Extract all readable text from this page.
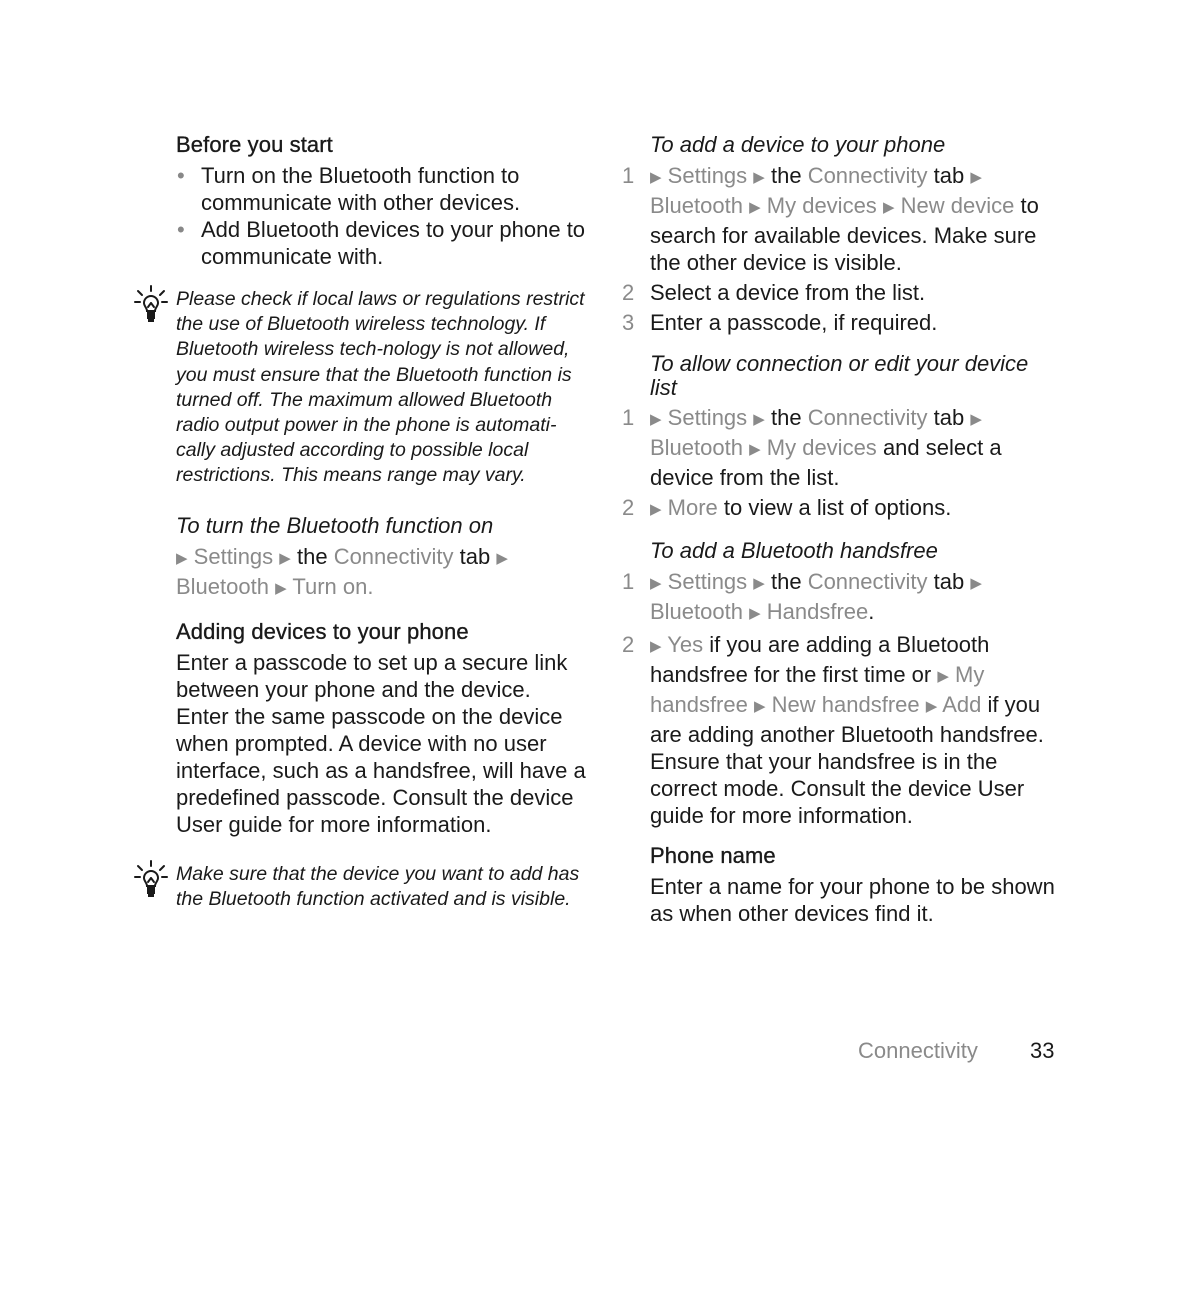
Before you start
• Turn on the Bluetooth function to communicate with other devices.
• Add Bluetooth devices to your phone to communicate with.
Please check if local laws or regulations restrict the use of Bluetooth wireless technology. If Bluetooth wireless tech-nology is not allowed, you must ensure that the Bluetooth function is turned off. The maximum allowed Bluetooth radio output power in the phone is automati-cally adjusted according to possible local restrictions. This means range may vary.
To turn the Bluetooth function on

▶ Settings ▶ the Connectivity tab ▶
Bluetooth ▶ Turn on.

Adding devices to your phone

Enter a passcode to set up a secure link between your phone and the device. Enter the same passcode on the device when prompted. A device with no user interface, such as a handsfree, will have a predefined passcode. Consult the device User guide for more information.

Make sure that the device you want to add has the Bluetooth function activated and is visible.
To add a device to your phone
1 ▶ Settings ▶ the Connectivity tab ▶ Bluetooth ▶ My devices ▶ New device to search for available devices. Make sure the other device is visible.
2 Select a device from the list.
3 Enter a passcode, if required.
To allow connection or edit your device list
1 ▶ Settings ▶ the Connectivity tab ▶ Bluetooth ▶ My devices and select a device from the list.
2 ▶ More to view a list of options.
To add a Bluetooth handsfree
1 ▶ Settings ▶ the Connectivity tab ▶ Bluetooth ▶ Handsfree.
2 ▶ Yes if you are adding a Bluetooth handsfree for the first time or ▶ My handsfree ▶ New handsfree ▶ Add if you are adding another Bluetooth handsfree. Ensure that your handsfree is in the correct mode. Consult the device User guide for more information.
Phone name

Enter a name for your phone to be shown as when other devices find it.

Connectivity 33
